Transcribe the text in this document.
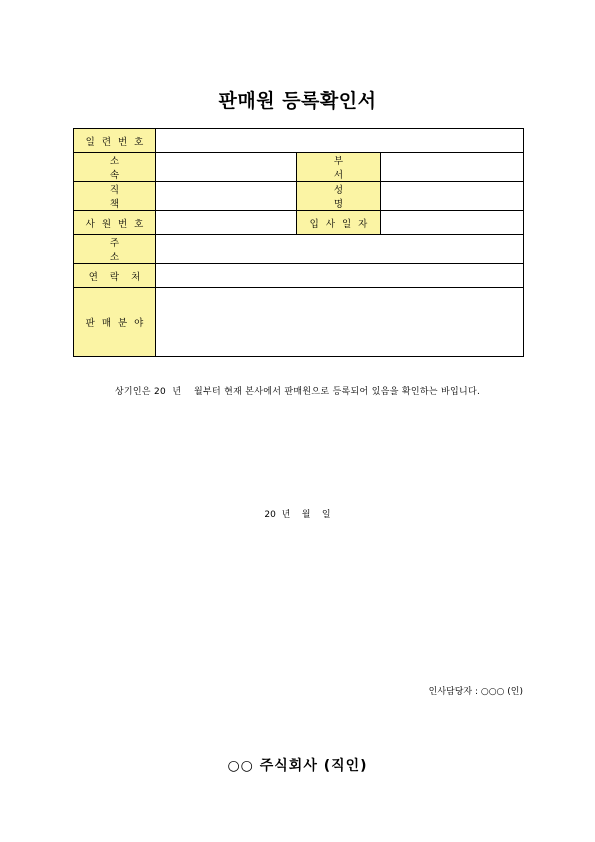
판매원 등록확인서
일련번호			
소속		부서	
직책		성명	
사원번호		입사일자	
주소			
연락처			
판매분야			
상기인은 20  년    월부터 현재 본사에서 판매원으로 등록되어 있음을 확인하는 바입니다.
20  년    월    일
인사담당자 : ○○○ (인)
○○ 주식회사 (직인)
